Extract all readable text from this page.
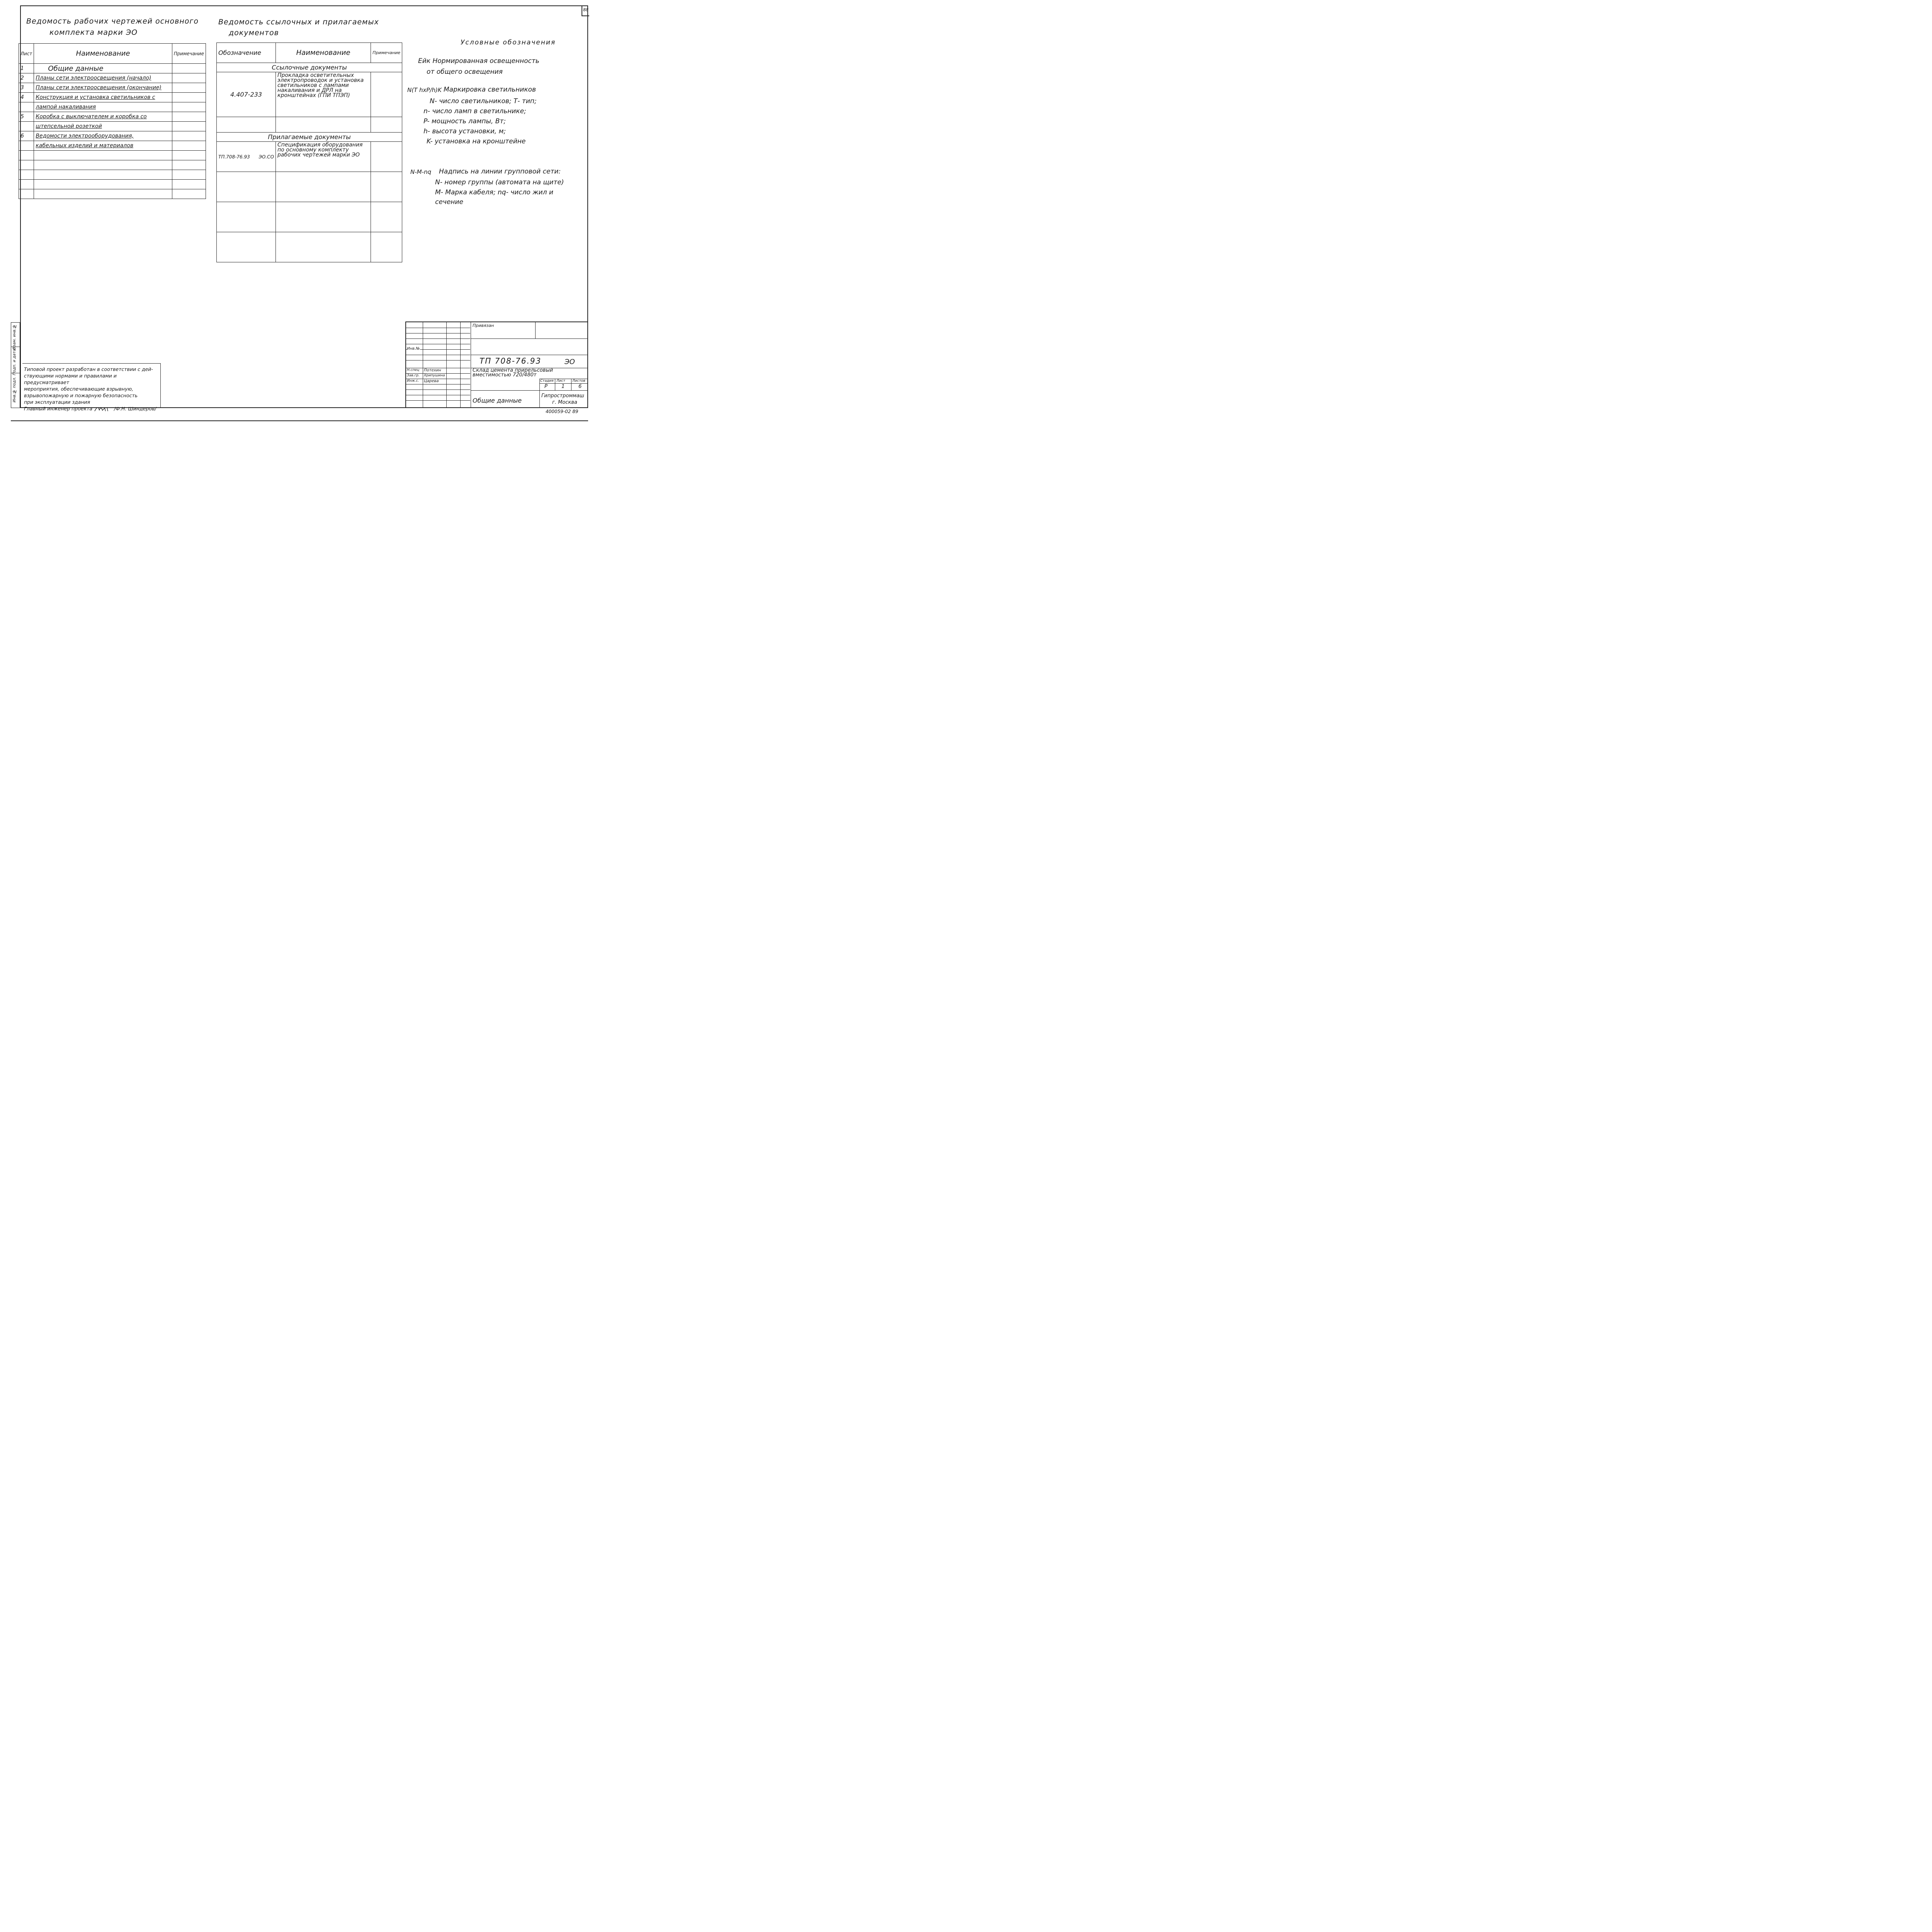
88
Ведомость рабочих чертежей основного
комплекта марки ЭО
Лист	Наименование	Примечание
1	Общие данные	
2	Планы сети электроосвещения (начало)	
3	Планы сети электроосвещения (окончание)	
4	Конструкция и установка светильников с	
	лампой накаливания	
5	Коробка с выключателем и коробка со	
	штепсельной розеткой	
6	Ведомости электрооборудования,	
	кабельных изделий и материалов	

Ведомость ссылочных и прилагаемых
документов
Обозначение	Наименование	Примечание
Ссылочные документы		
4.407-233	Прокладка осветительных электропроводок и установка светильников с лампами накаливания и ДРЛ на кронштейнах (ГПИ ТПЭП)	

Прилагаемые документы		
ТП.708-76.93 ЭО.СО	Спецификация оборудования по основному комплекту рабочих чертежей марки ЭО	

Условные обозначения
Ейк Нормированная освещенность
от общего освещения
N(T hxP/h)K Маркировка светильников
N- число светильников; Т- тип;
n- число ламп в светильнике;
P- мощность лампы, Вт;
h- высота установки, м;
K- установка на кронштейне
N-M-nq Надпись на линии групповой сети:
N- номер группы (автомата на щите)
M- Марка кабеля; nq- число жил и
сечение
Инв.№ подл.
Подп. и дата
Взам. инв.№
Типовой проект разработан в соответствии с дей-
ствующими нормами и правилами и предусматривает
мероприятия, обеспечивающие взрывную,
взрывопожарную и пожарную безопасность
при эксплуатации здания
Главный инженер проекта	/Ф.Н. Шиндеров/
Инв.№
Н.спец Потехин
Зав.гр. Хрипушина
Инж.с. Царева
Привязан
ТП 708-76.93	ЭО
Склад цемента прирельсовый вместимостью 720/480т
Стадия Лист Листов
Р	1	6
Общие данные
Гипростроммаш
г. Москва
400059-02 89
